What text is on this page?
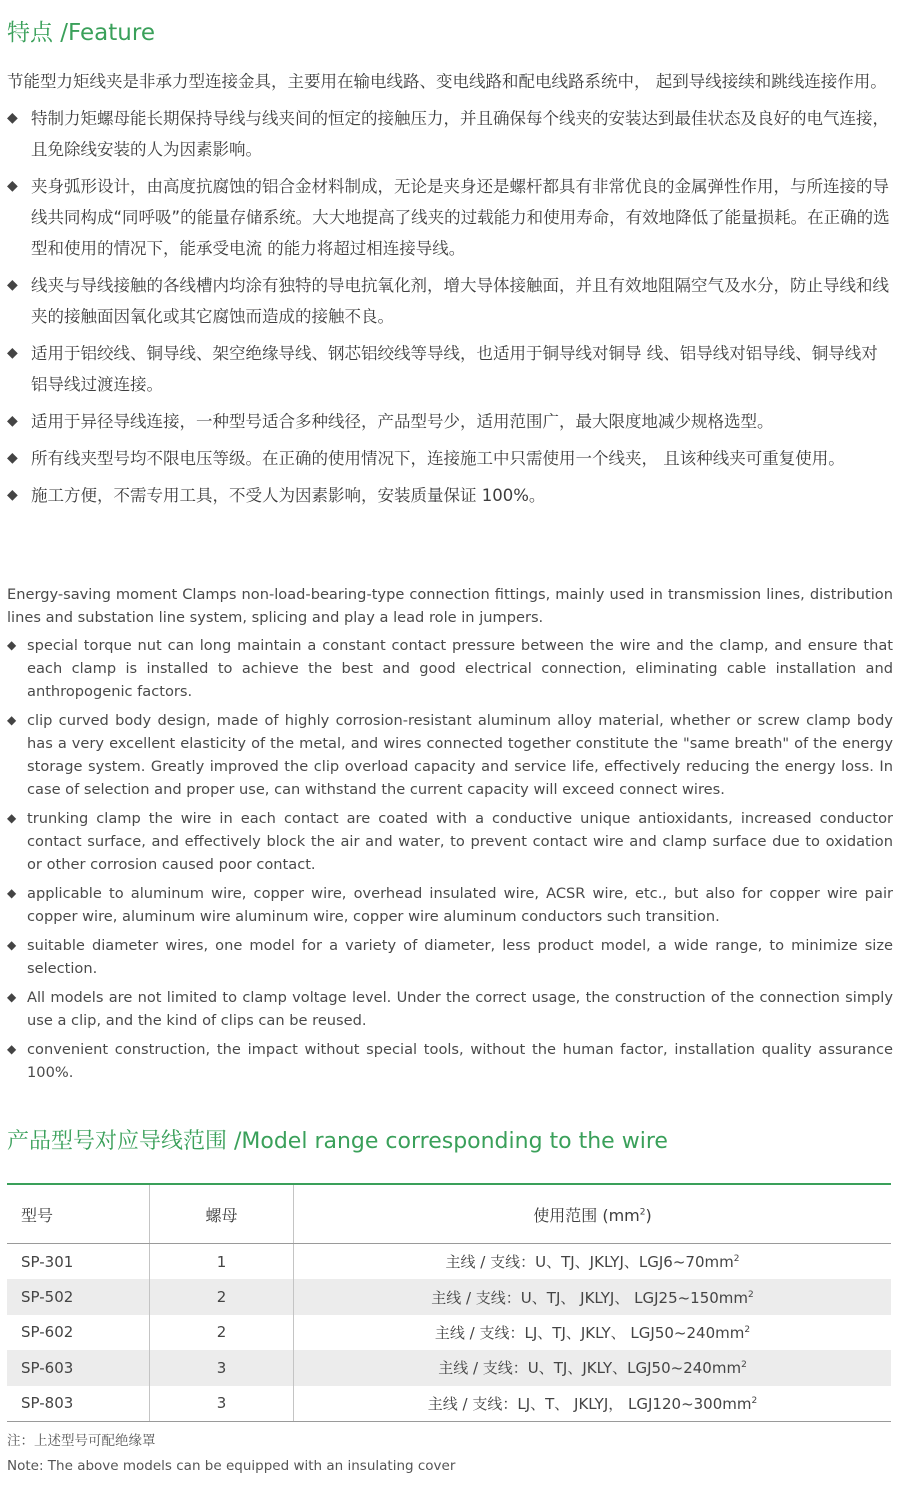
特点 /Feature

节能型力矩线夹是非承力型连接金具，主要用在输电线路、变电线路和配电线路系统中， 起到导线接续和跳线连接作用。

◆ 特制力矩螺母能长期保持导线与线夹间的恒定的接触压力，并且确保每个线夹的安装达到最佳状态及良好的电气连接，且免除线安装的人为因素影响。
◆ 夹身弧形设计，由高度抗腐蚀的铝合金材料制成，无论是夹身还是螺杆都具有非常优良的金属弹性作用，与所连接的导线共同构成“同呼吸”的能量存储系统。大大地提高了线夹的过载能力和使用寿命，有效地降低了能量损耗。在正确的选型和使用的情况下，能承受电流 的能力将超过相连接导线。
◆ 线夹与导线接触的各线槽内均涂有独特的导电抗氧化剂，增大导体接触面，并且有效地阻隔空气及水分，防止导线和线夹的接触面因氧化或其它腐蚀而造成的接触不良。
◆ 适用于铝绞线、铜导线、架空绝缘导线、钢芯铝绞线等导线，也适用于铜导线对铜导 线、铝导线对铝导线、铜导线对铝导线过渡连接。
◆ 适用于异径导线连接，一种型号适合多种线径，产品型号少，适用范围广，最大限度地减少规格选型。
◆ 所有线夹型号均不限电压等级。在正确的使用情况下，连接施工中只需使用一个线夹， 且该种线夹可重复使用。
◆ 施工方便，不需专用工具，不受人为因素影响，安装质量保证 100%。

Energy-saving moment Clamps non-load-bearing-type connection fittings, mainly used in transmission lines, distribution lines and substation line system, splicing and play a lead role in jumpers.

◆ special torque nut can long maintain a constant contact pressure between the wire and the clamp, and ensure that each clamp is installed to achieve the best and good electrical connection, eliminating cable installation and anthropogenic factors.
◆ clip curved body design, made of highly corrosion-resistant aluminum alloy material, whether or screw clamp body has a very excellent elasticity of the metal, and wires connected together constitute the "same breath" of the energy storage system. Greatly improved the clip overload capacity and service life, effectively reducing the energy loss. In case of selection and proper use, can withstand the current capacity will exceed connect wires.
◆ trunking clamp the wire in each contact are coated with a conductive unique antioxidants, increased conductor contact surface, and effectively block the air and water, to prevent contact wire and clamp surface due to oxidation or other corrosion caused poor contact.
◆ applicable to aluminum wire, copper wire, overhead insulated wire, ACSR wire, etc., but also for copper wire pair copper wire, aluminum wire aluminum wire, copper wire aluminum conductors such transition.
◆ suitable diameter wires, one model for a variety of diameter, less product model, a wide range, to minimize size selection.
◆ All models are not limited to clamp voltage level. Under the correct usage, the construction of the connection simply use a clip, and the kind of clips can be reused.
◆ convenient construction, the impact without special tools, without the human factor, installation quality assurance 100%.
产品型号对应导线范围 /Model range corresponding to the wire
型号	螺母	使用范围 $(mm^2)$
SP-301	1	主线 / 支线：U、TJ、JKLYJ、$LGJ6\sim 70mm^2$
SP-502	2	主线 / 支线：U、TJ、 JKLYJ、 $LGJ25\sim 150mm^2$
SP-602	2	主线 / 支线：LJ、TJ、JKLY、 $LGJ50\sim 240mm^2$
SP-603	3	主线 / 支线：U、TJ、JKLY、$LGJ50\sim 240mm^2$
SP-803	3	主线 / 支线：LJ、T、 JKLYJ， $LGJ120\sim 300mm^2$

注：上述型号可配绝缘罩

Note: The above models can be equipped with an insulating cover
